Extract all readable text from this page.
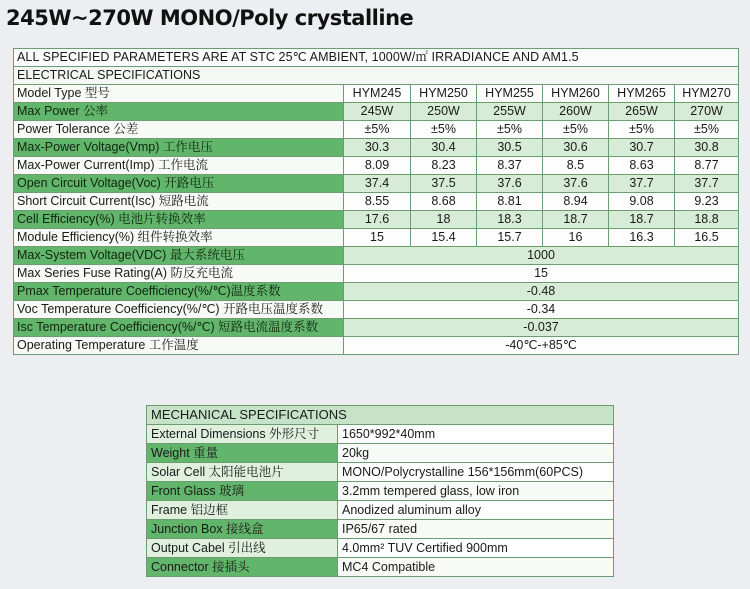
245W~270W MONO/Poly crystalline
ALL SPECIFIED PARAMETERS ARE AT STC 25℃ AMBIENT, 1000W/㎡ IRRADIANCE AND AM1.5						
ELECTRICAL SPECIFICATIONS						
Model Type 型号	HYM245	HYM250	HYM255	HYM260	HYM265	HYM270
Max Power 公率	245W	250W	255W	260W	265W	270W
Power Tolerance 公差	±5%	±5%	±5%	±5%	±5%	±5%
Max-Power Voltage(Vmp) 工作电压	30.3	30.4	30.5	30.6	30.7	30.8
Max-Power Current(Imp) 工作电流	8.09	8.23	8.37	8.5	8.63	8.77
Open Circuit Voltage(Voc) 开路电压	37.4	37.5	37.6	37.6	37.7	37.7
Short Circuit Current(Isc) 短路电流	8.55	8.68	8.81	8.94	9.08	9.23
Cell Efficiency(%) 电池片转换效率	17.6	18	18.3	18.7	18.7	18.8
Module Efficiency(%) 组件转换效率	15	15.4	15.7	16	16.3	16.5
Max-System Voltage(VDC) 最大系统电压	1000					
Max Series Fuse Rating(A) 防反充电流	15					
Pmax Temperature Coefficiency(%/℃)温度系数	-0.48					
Voc Temperature Coefficiency(%/℃) 开路电压温度系数	-0.34					
Isc Temperature Coefficiency(%/℃) 短路电流温度系数	-0.037					
Operating Temperature 工作温度	-40℃-+85℃					
MECHANICAL SPECIFICATIONS	
External Dimensions 外形尺寸	1650*992*40mm
Weight 重量	20kg
Solar Cell 太阳能电池片	MONO/Polycrystalline 156*156mm(60PCS)
Front Glass 玻璃	3.2mm tempered glass, low iron
Frame 铝边框	Anodized aluminum alloy
Junction Box 接线盒	IP65/67 rated
Output Cabel 引出线	4.0mm² TUV Certified 900mm
Connector 接插头	MC4 Compatible
